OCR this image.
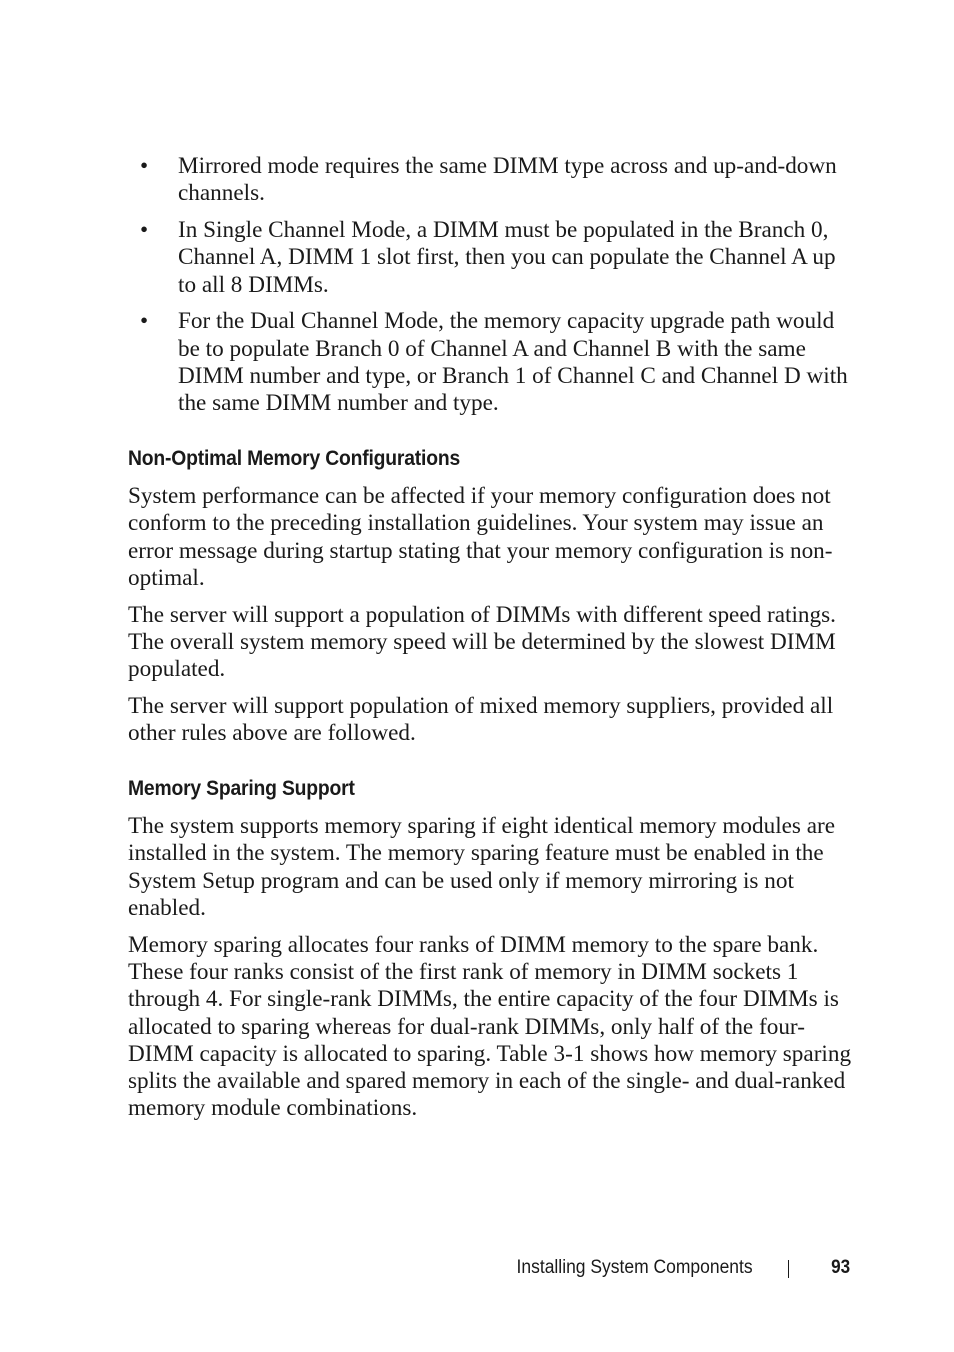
• Mirrored mode requires the same DIMM type across and up-and-down channels.
• In Single Channel Mode, a DIMM must be populated in the Branch 0, Channel A, DIMM 1 slot first, then you can populate the Channel A up to all 8 DIMMs.
• For the Dual Channel Mode, the memory capacity upgrade path would be to populate Branch 0 of Channel A and Channel B with the same DIMM number and type, or Branch 1 of Channel C and Channel D with the same DIMM number and type.
Non-Optimal Memory Configurations

System performance can be affected if your memory configuration does not conform to the preceding installation guidelines. Your system may issue an error message during startup stating that your memory configuration is non-optimal.

The server will support a population of DIMMs with different speed ratings. The overall system memory speed will be determined by the slowest DIMM populated.

The server will support population of mixed memory suppliers, provided all other rules above are followed.

Memory Sparing Support

The system supports memory sparing if eight identical memory modules are installed in the system. The memory sparing feature must be enabled in the System Setup program and can be used only if memory mirroring is not enabled.

Memory sparing allocates four ranks of DIMM memory to the spare bank. These four ranks consist of the first rank of memory in DIMM sockets 1 through 4. For single-rank DIMMs, the entire capacity of the four DIMMs is allocated to sparing whereas for dual-rank DIMMs, only half of the four-DIMM capacity is allocated to sparing. Table 3-1 shows how memory sparing splits the available and spared memory in each of the single- and dual-ranked memory module combinations.

Installing System Components	93
